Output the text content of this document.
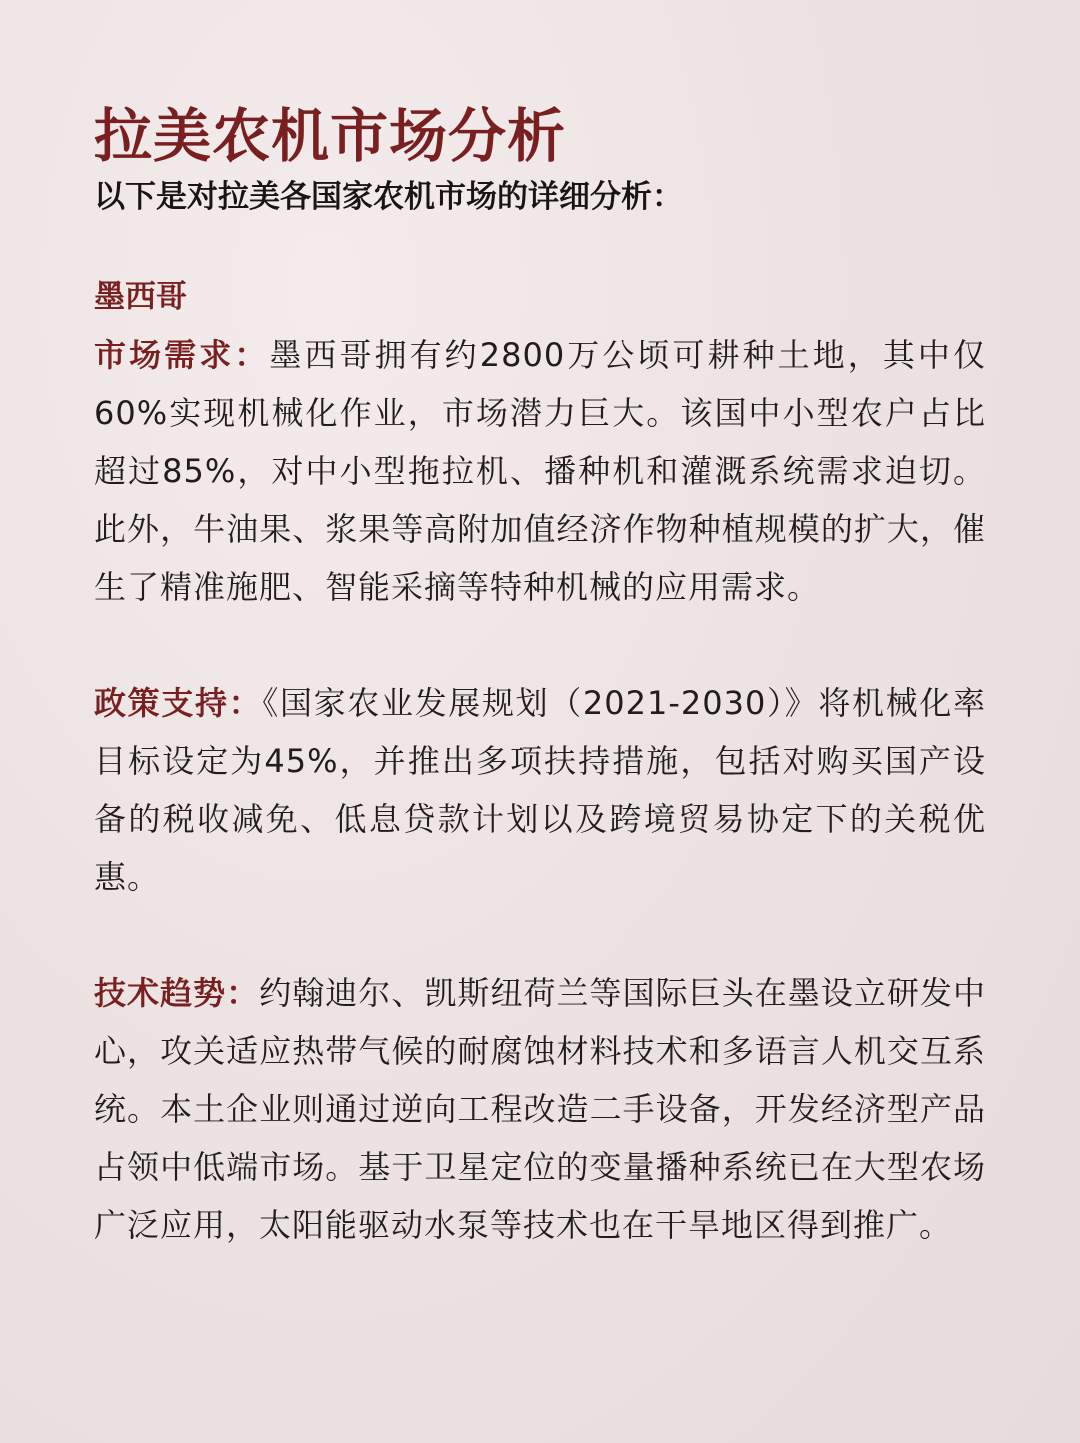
拉美农机市场分析
以下是对拉美各国家农机市场的详细分析：
墨西哥

市场需求：墨西哥拥有约2800万公顷可耕种土地，其中仅60%实现机械化作业，市场潜力巨大。该国中小型农户占比超过85%，对中小型拖拉机、播种机和灌溉系统需求迫切。此外，牛油果、浆果等高附加值经济作物种植规模的扩大，催生了精准施肥、智能采摘等特种机械的应用需求。

政策支持：《国家农业发展规划（2021-2030）》将机械化率目标设定为45%，并推出多项扶持措施，包括对购买国产设备的税收减免、低息贷款计划以及跨境贸易协定下的关税优惠。

技术趋势：约翰迪尔、凯斯纽荷兰等国际巨头在墨设立研发中心，攻关适应热带气候的耐腐蚀材料技术和多语言人机交互系统。本土企业则通过逆向工程改造二手设备，开发经济型产品占领中低端市场。基于卫星定位的变量播种系统已在大型农场广泛应用，太阳能驱动水泵等技术也在干旱地区得到推广。
